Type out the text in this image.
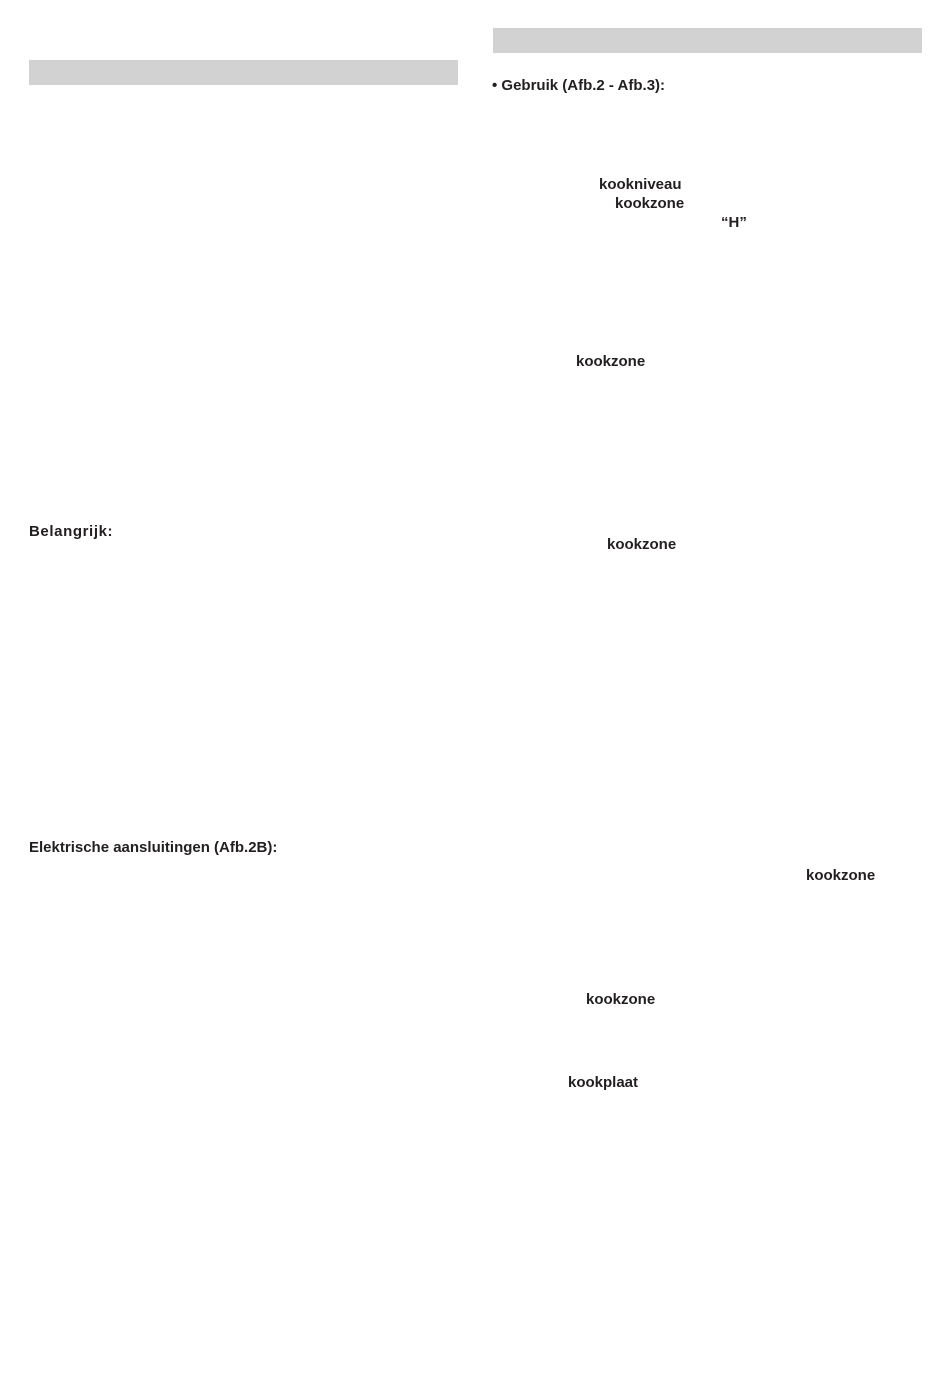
Belangrijk:

Elektrische aansluitingen (Afb.2B):

• Gebruik (Afb.2 - Afb.3):

kookniveau

kookzone

“H”

kookzone

kookzone

kookzone

kookzone

kookplaat
